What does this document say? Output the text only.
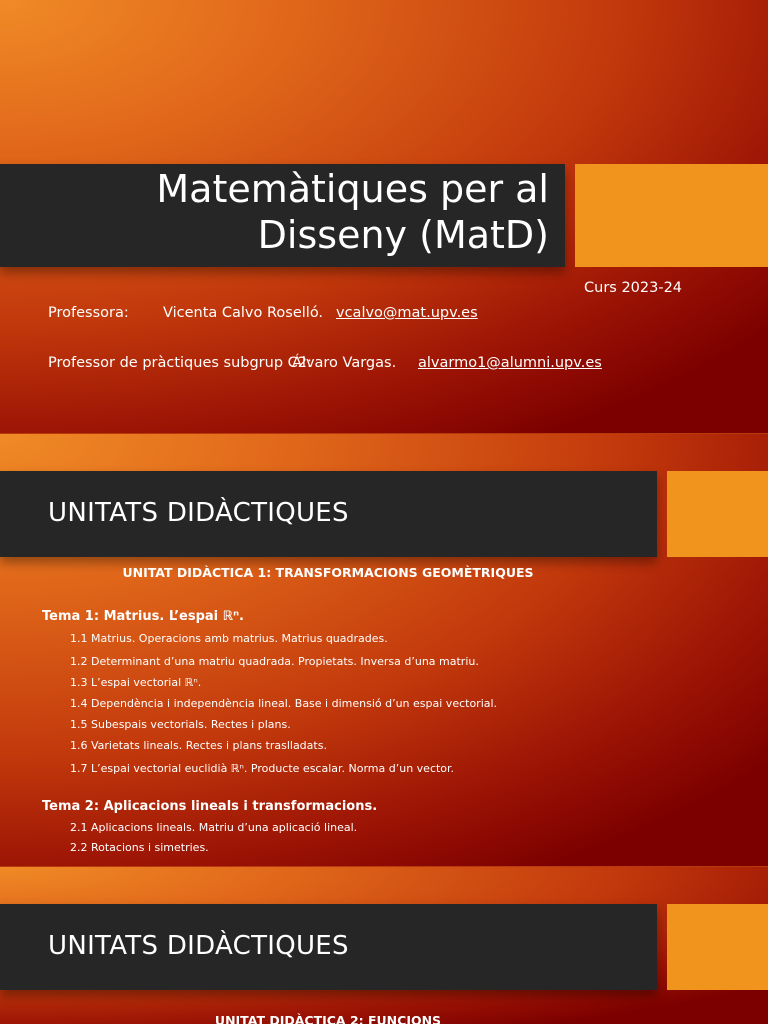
Matemàtiques per al
Disseny (MatD)
Curs 2023-24
Professora: Vicenta Calvo Roselló. vcalvo@mat.upv.es
Professor de pràctiques subgrup C2:
Álvaro Vargas. alvarmo1@alumni.upv.es
UNITATS DIDÀCTIQUES
UNITAT DIDÀCTICA 1: TRANSFORMACIONS GEOMÈTRIQUES
Tema 1: Matrius. L’espai ℝⁿ.
1.1 Matrius. Operacions amb matrius. Matrius quadrades.
1.2 Determinant d’una matriu quadrada. Propietats. Inversa d’una matriu.
1.3 L’espai vectorial ℝⁿ.
1.4 Dependència i independència lineal. Base i dimensió d’un espai vectorial.
1.5 Subespais vectorials. Rectes i plans.
1.6 Varietats lineals. Rectes i plans traslladats.
1.7 L’espai vectorial euclidià ℝⁿ. Producte escalar. Norma d’un vector.
Tema 2: Aplicacions lineals i transformacions.
2.1 Aplicacions lineals. Matriu d’una aplicació lineal.
2.2 Rotacions i simetries.
UNITATS DIDÀCTIQUES
UNITAT DIDÀCTICA 2: FUNCIONS
